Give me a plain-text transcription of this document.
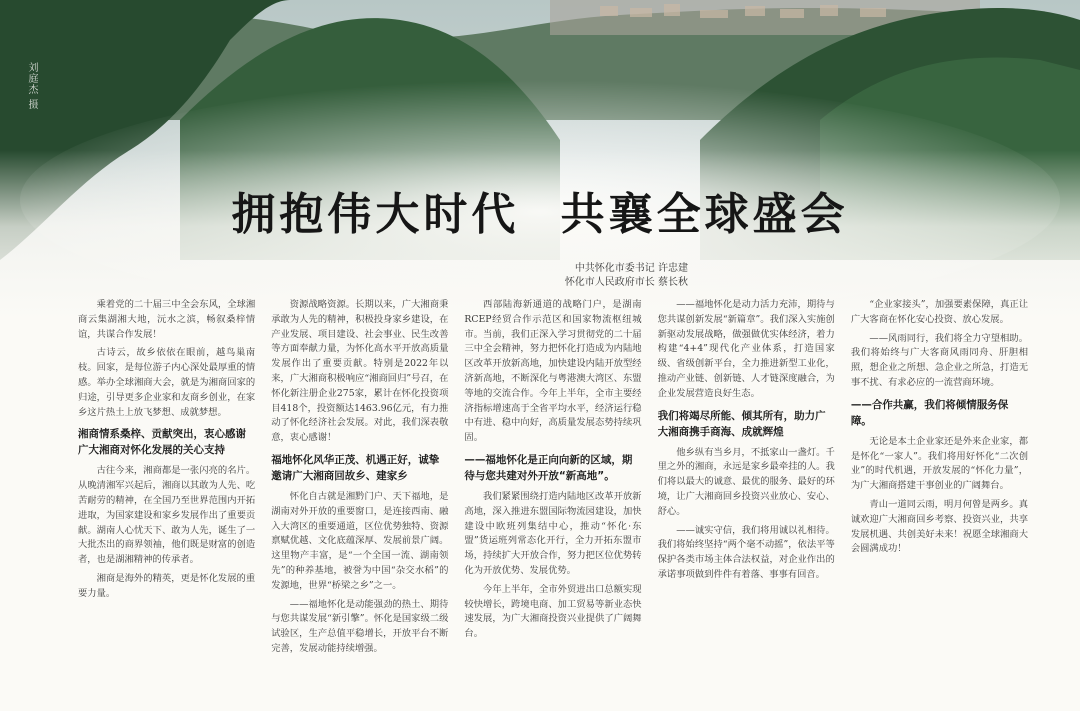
刘庭杰 摄
拥抱伟大时代 共襄全球盛会
中共怀化市委书记 许忠建
怀化市人民政府市长 蔡长秋

乘着党的二十届三中全会东风，全球湘商云集湖湘大地，沅水之滨，畅叙桑梓情谊，共谋合作发展！

古诗云，故乡依依在眼前，越鸟巢南枝。回家，是每位游子内心深处最厚重的情感。举办全球湘商大会，就是为湘商回家的归途，引导更多企业家和友商乡创业，在家乡这片热土上放飞梦想、成就梦想。

湘商情系桑梓、贡献突出，衷心感谢广大湘商对怀化发展的关心支持

古往今来，湘商都是一张闪亮的名片。从晚清湘军兴起后，湘商以其敢为人先、吃苦耐劳的精神，在全国乃至世界范围内开拓进取，为国家建设和家乡发展作出了重要贡献。湖南人心忧天下、敢为人先，诞生了一大批杰出的商界领袖，他们既是财富的创造者，也是湖湘精神的传承者。

湘商是海外的精英，更是怀化发展的重要力量。

资源战略资源。长期以来，广大湘商秉承敢为人先的精神，积极投身家乡建设，在产业发展、项目建设、社会事业、民生改善等方面奉献力量，为怀化高水平开放高质量发展作出了重要贡献。特别是2022年以来，广大湘商积极响应“湘商回归”号召，在怀化新注册企业275家，累计在怀化投资项目418个，投资额达1463.96亿元，有力推动了怀化经济社会发展。对此，我们深表敬意，衷心感谢！

福地怀化风华正茂、机遇正好，诚挚邀请广大湘商回故乡、建家乡

怀化自古就是湘黔门户、天下福地，是湖南对外开放的重要窗口，是连接西南、融入大湾区的重要通道，区位优势独特、资源禀赋优越、文化底蕴深厚、发展前景广阔。这里物产丰富，是“一个全国一流、湖南领先”的种养基地，被誉为中国“杂交水稻”的发源地，世界“桥梁之乡”之一。

——福地怀化是动能强劲的热土、期待与您共谋发展“新引擎”。怀化是国家级二级试验区，生产总值平稳增长，开放平台不断完善，发展动能持续增强。

西部陆海新通道的战略门户，是湖南RCEP经贸合作示范区和国家物流枢纽城市。当前，我们正深入学习贯彻党的二十届三中全会精神，努力把怀化打造成为内陆地区改革开放新高地，加快建设内陆开放型经济新高地，不断深化与粤港澳大湾区、东盟等地的交流合作。今年上半年，全市主要经济指标增速高于全省平均水平，经济运行稳中有进、稳中向好，高质量发展态势持续巩固。

——福地怀化是正向向新的区域，期待与您共建对外开放“新高地”。

我们紧紧围绕打造内陆地区改革开放新高地，深入推进东盟国际物流园建设，加快建设中欧班列集结中心，推动“怀化·东盟”货运班列常态化开行，全力开拓东盟市场，持续扩大开放合作，努力把区位优势转化为开放优势、发展优势。

今年上半年，全市外贸进出口总额实现较快增长，跨境电商、加工贸易等新业态快速发展，为广大湘商投资兴业提供了广阔舞台。

——福地怀化是动力活力充沛，期待与您共谋创新发展“新篇章”。我们深入实施创新驱动发展战略，做强做优实体经济，着力构建“4+4”现代化产业体系，打造国家级、省级创新平台，全力推进新型工业化，推动产业链、创新链、人才链深度融合，为企业发展营造良好生态。

我们将竭尽所能、倾其所有，助力广大湘商携手商海、成就辉煌

他乡纵有当乡月，不抵家山一盏灯。千里之外的湘商，永远是家乡最牵挂的人。我们将以最大的诚意、最优的服务、最好的环境，让广大湘商回乡投资兴业放心、安心、舒心。

——诚实守信，我们将用诚以礼相待。我们将始终坚持“两个毫不动摇”，依法平等保护各类市场主体合法权益，对企业作出的承诺事项做到件件有着落、事事有回音。

“企业家接头”，加强要素保障，真正让广大客商在怀化安心投资、放心发展。

——风雨同行，我们将全力守望相助。我们将始终与广大客商风雨同舟、肝胆相照，想企业之所想、急企业之所急，打造无事不扰、有求必应的一流营商环境。

——合作共赢，我们将倾情服务保障。

无论是本土企业家还是外来企业家，都是怀化“一家人”。我们将用好怀化“二次创业”的时代机遇，开放发展的“怀化力量”，为广大湘商搭建干事创业的广阔舞台。

青山一道同云雨，明月何曾是两乡。真诚欢迎广大湘商回乡考察、投资兴业，共享发展机遇、共创美好未来！祝愿全球湘商大会圆满成功！
